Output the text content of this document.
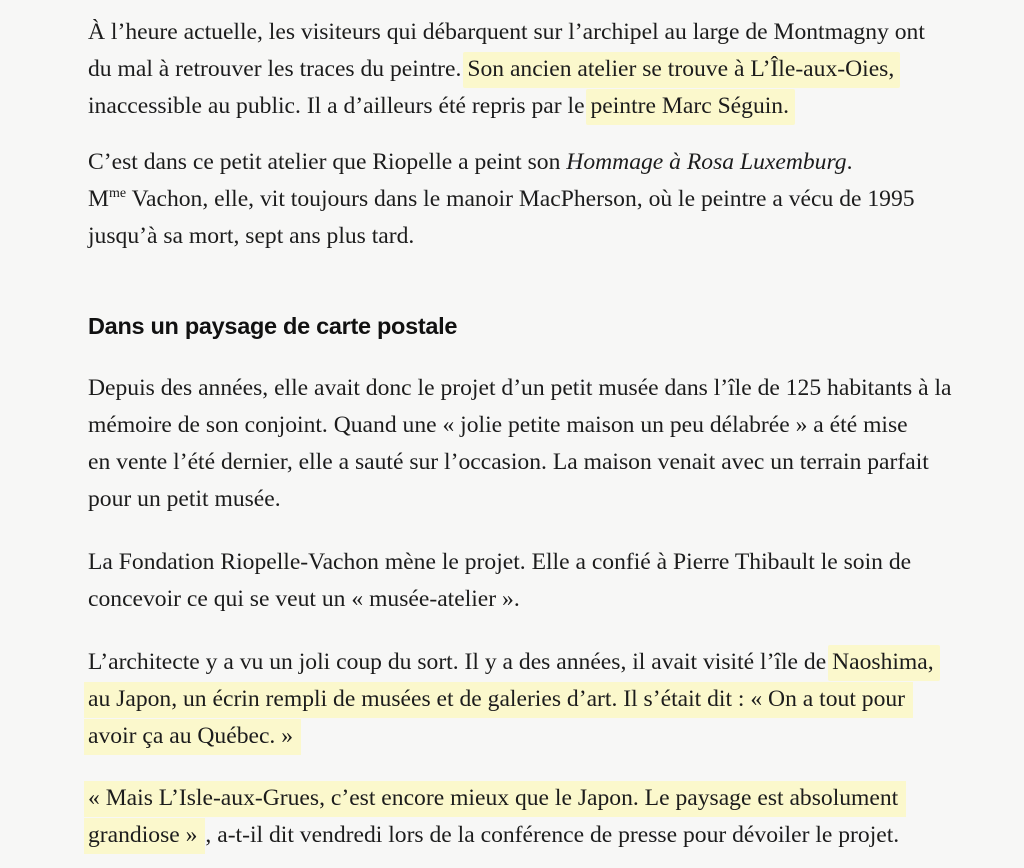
À l’heure actuelle, les visiteurs qui débarquent sur l’archipel au large de Montmagny ont
du mal à retrouver les traces du peintre. Son ancien atelier se trouve à L’Île-aux-Oies,
inaccessible au public. Il a d’ailleurs été repris par le peintre Marc Séguin.

C’est dans ce petit atelier que Riopelle a peint son Hommage à Rosa Luxemburg.
$M^{me}$ Vachon, elle, vit toujours dans le manoir MacPherson, où le peintre a vécu de 1995
jusqu’à sa mort, sept ans plus tard.

Dans un paysage de carte postale

Depuis des années, elle avait donc le projet d’un petit musée dans l’île de 125 habitants à la
mémoire de son conjoint. Quand une « jolie petite maison un peu délabrée » a été mise
en vente l’été dernier, elle a sauté sur l’occasion. La maison venait avec un terrain parfait
pour un petit musée.

La Fondation Riopelle-Vachon mène le projet. Elle a confié à Pierre Thibault le soin de
concevoir ce qui se veut un « musée-atelier ».

L’architecte y a vu un joli coup du sort. Il y a des années, il avait visité l’île de Naoshima,
au Japon, un écrin rempli de musées et de galeries d’art. Il s’était dit : « On a tout pour
avoir ça au Québec. »

« Mais L’Isle-aux-Grues, c’est encore mieux que le Japon. Le paysage est absolument
grandiose » , a-t-il dit vendredi lors de la conférence de presse pour dévoiler le projet.
